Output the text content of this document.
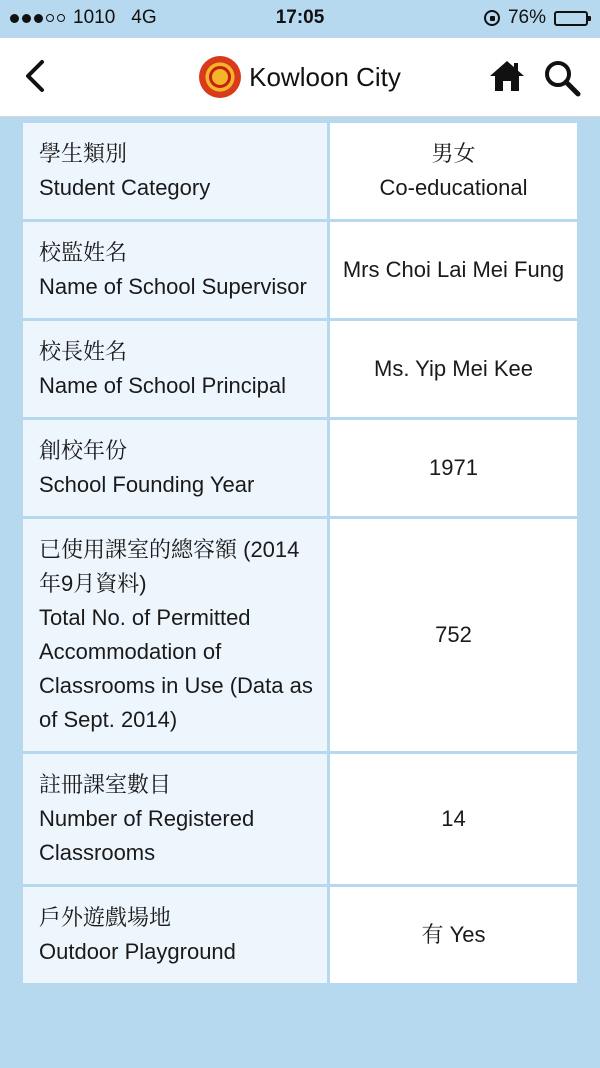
1010 4G	17:05	76%
Kowloon City
學生類別
Student Category	男女
Co-educational

校監姓名
Name of School Supervisor	Mrs Choi Lai Mei Fung

校長姓名
Name of School Principal	Ms. Yip Mei Kee

創校年份
School Founding Year	1971

已使用課室的總容額 (2014年9月資料)
Total No. of Permitted Accommodation of Classrooms in Use (Data as of Sept. 2014)	752

註冊課室數目
Number of Registered Classrooms	14

戶外遊戲場地
Outdoor Playground	有 Yes
